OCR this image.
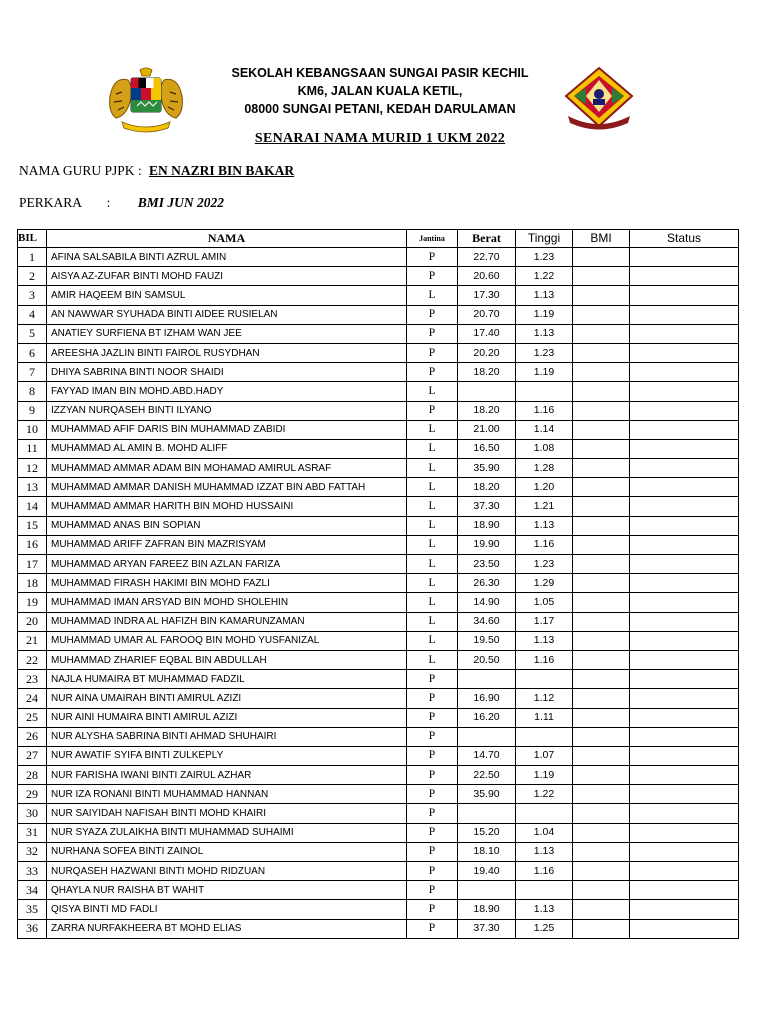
SEKOLAH KEBANGSAAN SUNGAI PASIR KECHIL
KM6, JALAN KUALA KETIL,
08000 SUNGAI PETANI, KEDAH DARULAMAN
SENARAI NAMA MURID 1 UKM 2022
NAMA GURU PJPK : EN NAZRI BIN BAKAR
PERKARA : BMI JUN 2022
BIL	NAMA	Jantina	Berat	Tinggi	BMI	Status
1	AFINA SALSABILA BINTI AZRUL AMIN	P	22.70	1.23		
2	AISYA AZ-ZUFAR BINTI MOHD FAUZI	P	20.60	1.22		
3	AMIR HAQEEM BIN SAMSUL	L	17.30	1.13		
4	AN NAWWAR SYUHADA BINTI AIDEE RUSIELAN	P	20.70	1.19		
5	ANATIEY SURFIENA BT IZHAM WAN JEE	P	17.40	1.13		
6	AREESHA JAZLIN BINTI FAIROL RUSYDHAN	P	20.20	1.23		
7	DHIYA SABRINA BINTI NOOR SHAIDI	P	18.20	1.19		
8	FAYYAD IMAN BIN MOHD.ABD.HADY	L				
9	IZZYAN NURQASEH BINTI ILYANO	P	18.20	1.16		
10	MUHAMMAD AFIF DARIS BIN MUHAMMAD ZABIDI	L	21.00	1.14		
11	MUHAMMAD AL AMIN B. MOHD ALIFF	L	16.50	1.08		
12	MUHAMMAD AMMAR ADAM BIN MOHAMAD AMIRUL ASRAF	L	35.90	1.28		
13	MUHAMMAD AMMAR DANISH MUHAMMAD IZZAT BIN ABD FATTAH	L	18.20	1.20		
14	MUHAMMAD AMMAR HARITH BIN MOHD HUSSAINI	L	37.30	1.21		
15	MUHAMMAD ANAS BIN SOPIAN	L	18.90	1.13		
16	MUHAMMAD ARIFF ZAFRAN BIN MAZRISYAM	L	19.90	1.16		
17	MUHAMMAD ARYAN FAREEZ BIN AZLAN FARIZA	L	23.50	1.23		
18	MUHAMMAD FIRASH HAKIMI BIN MOHD FAZLI	L	26.30	1.29		
19	MUHAMMAD IMAN ARSYAD BIN MOHD SHOLEHIN	L	14.90	1.05		
20	MUHAMMAD INDRA AL HAFIZH BIN KAMARUNZAMAN	L	34.60	1.17		
21	MUHAMMAD UMAR AL FAROOQ BIN MOHD YUSFANIZAL	L	19.50	1.13		
22	MUHAMMAD ZHARIEF EQBAL BIN ABDULLAH	L	20.50	1.16		
23	NAJLA HUMAIRA BT MUHAMMAD FADZIL	P				
24	NUR AINA UMAIRAH BINTI AMIRUL AZIZI	P	16.90	1.12		
25	NUR AINI HUMAIRA BINTI AMIRUL AZIZI	P	16.20	1.11		
26	NUR ALYSHA SABRINA BINTI AHMAD SHUHAIRI	P				
27	NUR AWATIF SYIFA BINTI ZULKEPLY	P	14.70	1.07		
28	NUR FARISHA IWANI BINTI ZAIRUL AZHAR	P	22.50	1.19		
29	NUR IZA RONANI BINTI MUHAMMAD HANNAN	P	35.90	1.22		
30	NUR SAIYIDAH NAFISAH BINTI MOHD KHAIRI	P				
31	NUR SYAZA ZULAIKHA BINTI MUHAMMAD SUHAIMI	P	15.20	1.04		
32	NURHANA SOFEA BINTI ZAINOL	P	18.10	1.13		
33	NURQASEH HAZWANI BINTI MOHD RIDZUAN	P	19.40	1.16		
34	QHAYLA NUR RAISHA BT WAHIT	P				
35	QISYA BINTI MD FADLI	P	18.90	1.13		
36	ZARRA NURFAKHEERA BT MOHD ELIAS	P	37.30	1.25		
